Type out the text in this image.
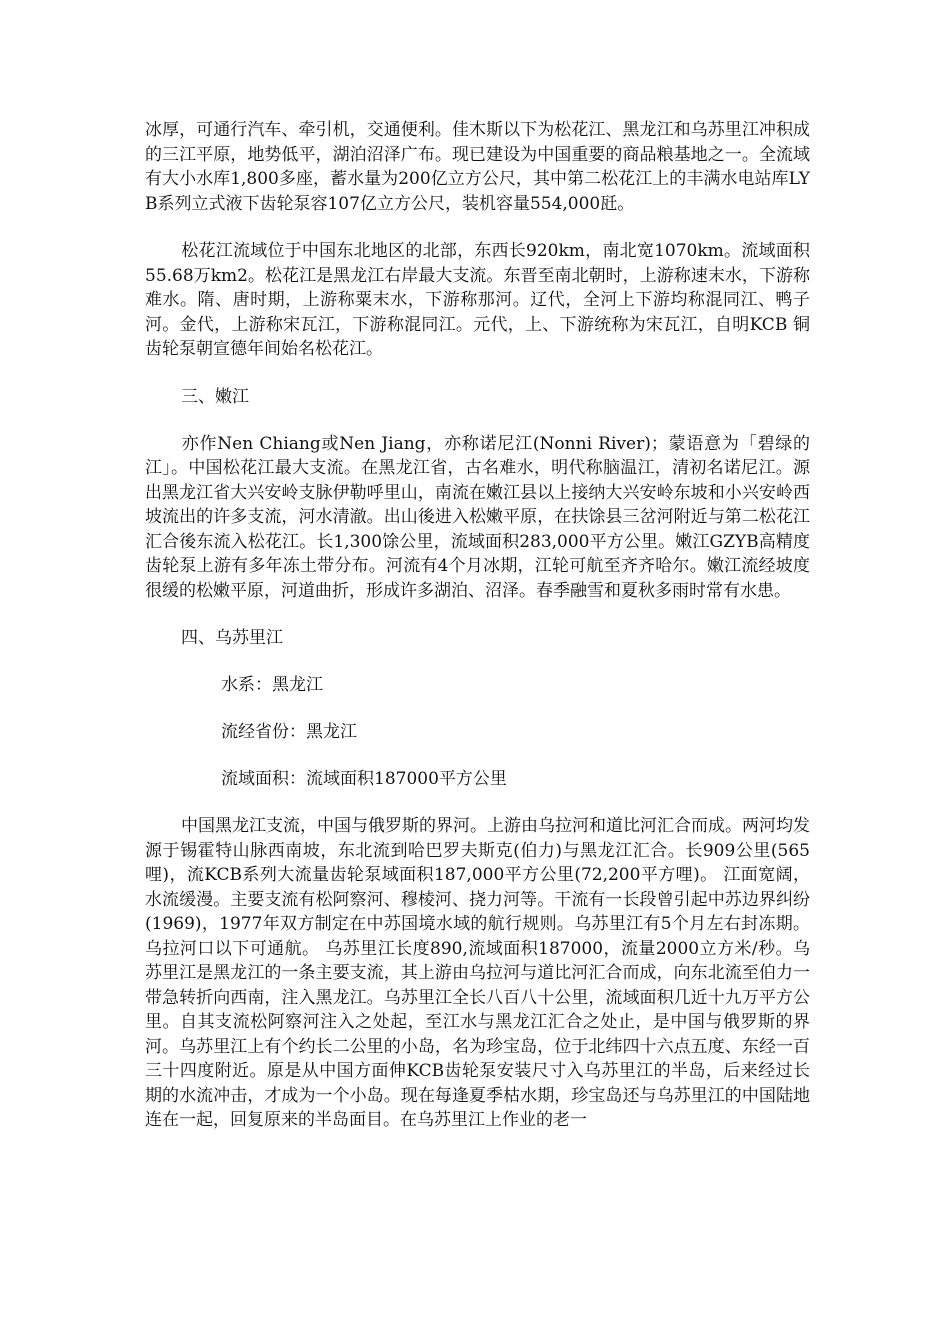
冰厚，可通行汽车、牵引机，交通便利。佳木斯以下为松花江、黑龙江和乌苏里江冲积成的三江平原，地势低平，湖泊沼泽广布。现已建设为中国重要的商品粮基地之一。全流域有大小水库1,800多座，蓄水量为200亿立方公尺，其中第二松花江上的丰满水电站库LYB系列立式液下齿轮泵容107亿立方公尺，装机容量554,000瓩。

松花江流域位于中国东北地区的北部，东西长920km，南北宽1070km。流域面积55.68万km2。松花江是黑龙江右岸最大支流。东晋至南北朝时，上游称速末水，下游称难水。隋、唐时期，上游称粟末水，下游称那河。辽代，全河上下游均称混同江、鸭子河。金代，上游称宋瓦江，下游称混同江。元代，上、下游统称为宋瓦江，自明KCB 铜齿轮泵朝宣德年间始名松花江。

三、嫩江

亦作Nen Chiang或Nen Jiang，亦称诺尼江(Nonni River)；蒙语意为「碧绿的江」。中国松花江最大支流。在黑龙江省，古名难水，明代称脑温江，清初名诺尼江。源出黑龙江省大兴安岭支脉伊勒呼里山，南流在嫩江县以上接纳大兴安岭东坡和小兴安岭西坡流出的许多支流，河水清澈。出山後进入松嫩平原，在扶馀县三岔河附近与第二松花江汇合後东流入松花江。长1,300馀公里，流域面积283,000平方公里。嫩江GZYB高精度齿轮泵上游有多年冻土带分布。河流有4个月冰期，江轮可航至齐齐哈尔。嫩江流经坡度很缓的松嫩平原，河道曲折，形成许多湖泊、沼泽。春季融雪和夏秋多雨时常有水患。

四、乌苏里江

水系：黑龙江

流经省份：黑龙江

流域面积：流域面积187000平方公里

中国黑龙江支流，中国与俄罗斯的界河。上游由乌拉河和道比河汇合而成。两河均发源于锡霍特山脉西南坡，东北流到哈巴罗夫斯克(伯力)与黑龙江汇合。长909公里(565哩)，流KCB系列大流量齿轮泵域面积187,000平方公里(72,200平方哩)。 江面宽阔，水流缓漫。主要支流有松阿察河、穆棱河、挠力河等。干流有一长段曾引起中苏边界纠纷(1969)，1977年双方制定在中苏国境水域的航行规则。乌苏里江有5个月左右封冻期。乌拉河口以下可通航。 乌苏里江长度890,流域面积187000，流量2000立方米/秒。乌苏里江是黑龙江的一条主要支流，其上游由乌拉河与道比河汇合而成，向东北流至伯力一带急转折向西南，注入黑龙江。乌苏里江全长八百八十公里，流域面积几近十九万平方公里。自其支流松阿察河注入之处起，至江水与黑龙江汇合之处止，是中国与俄罗斯的界河。乌苏里江上有个约长二公里的小岛，名为珍宝岛，位于北纬四十六点五度、东经一百三十四度附近。原是从中国方面伸KCB齿轮泵安装尺寸入乌苏里江的半岛，后来经过长期的水流冲击，才成为一个小岛。现在每逢夏季枯水期，珍宝岛还与乌苏里江的中国陆地连在一起，回复原来的半岛面目。在乌苏里江上作业的老一
